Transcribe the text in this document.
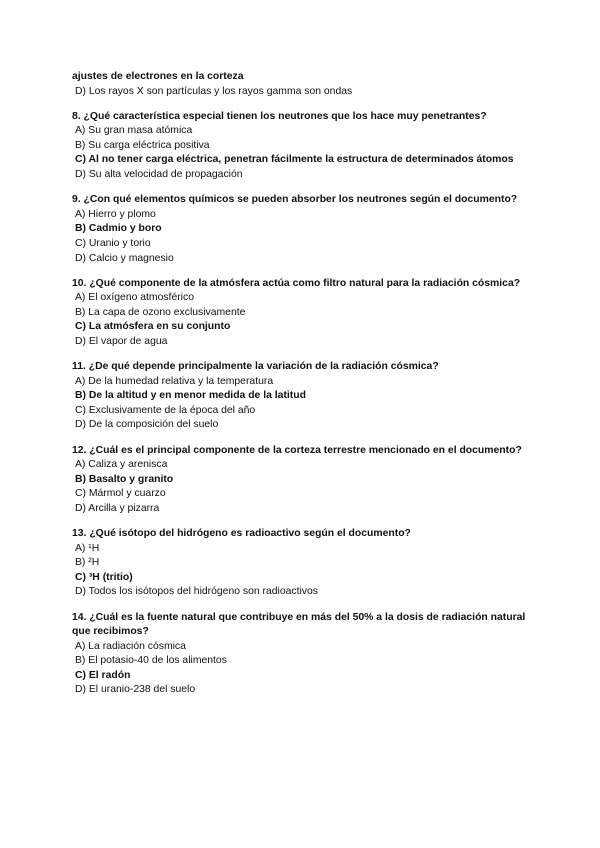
ajustes de electrones en la corteza
D) Los rayos X son partículas y los rayos gamma son ondas
8. ¿Qué característica especial tienen los neutrones que los hace muy penetrantes?
A) Su gran masa atómica
B) Su carga eléctrica positiva
C) Al no tener carga eléctrica, penetran fácilmente la estructura de determinados átomos
D) Su alta velocidad de propagación
9. ¿Con qué elementos químicos se pueden absorber los neutrones según el documento?
A) Hierro y plomo
B) Cadmio y boro
C) Uranio y torio
D) Calcio y magnesio
10. ¿Qué componente de la atmósfera actúa como filtro natural para la radiación cósmica?
A) El oxígeno atmosférico
B) La capa de ozono exclusivamente
C) La atmósfera en su conjunto
D) El vapor de agua
11. ¿De qué depende principalmente la variación de la radiación cósmica?
A) De la humedad relativa y la temperatura
B) De la altitud y en menor medida de la latitud
C) Exclusivamente de la época del año
D) De la composición del suelo
12. ¿Cuál es el principal componente de la corteza terrestre mencionado en el documento?
A) Caliza y arenisca
B) Basalto y granito
C) Mármol y cuarzo
D) Arcilla y pizarra
13. ¿Qué isótopo del hidrógeno es radioactivo según el documento?
A) ¹H
B) ²H
C) ³H (tritio)
D) Todos los isótopos del hidrógeno son radioactivos
14. ¿Cuál es la fuente natural que contribuye en más del 50% a la dosis de radiación natural que recibimos?
A) La radiación cósmica
B) El potasio-40 de los alimentos
C) El radón
D) El uranio-238 del suelo
